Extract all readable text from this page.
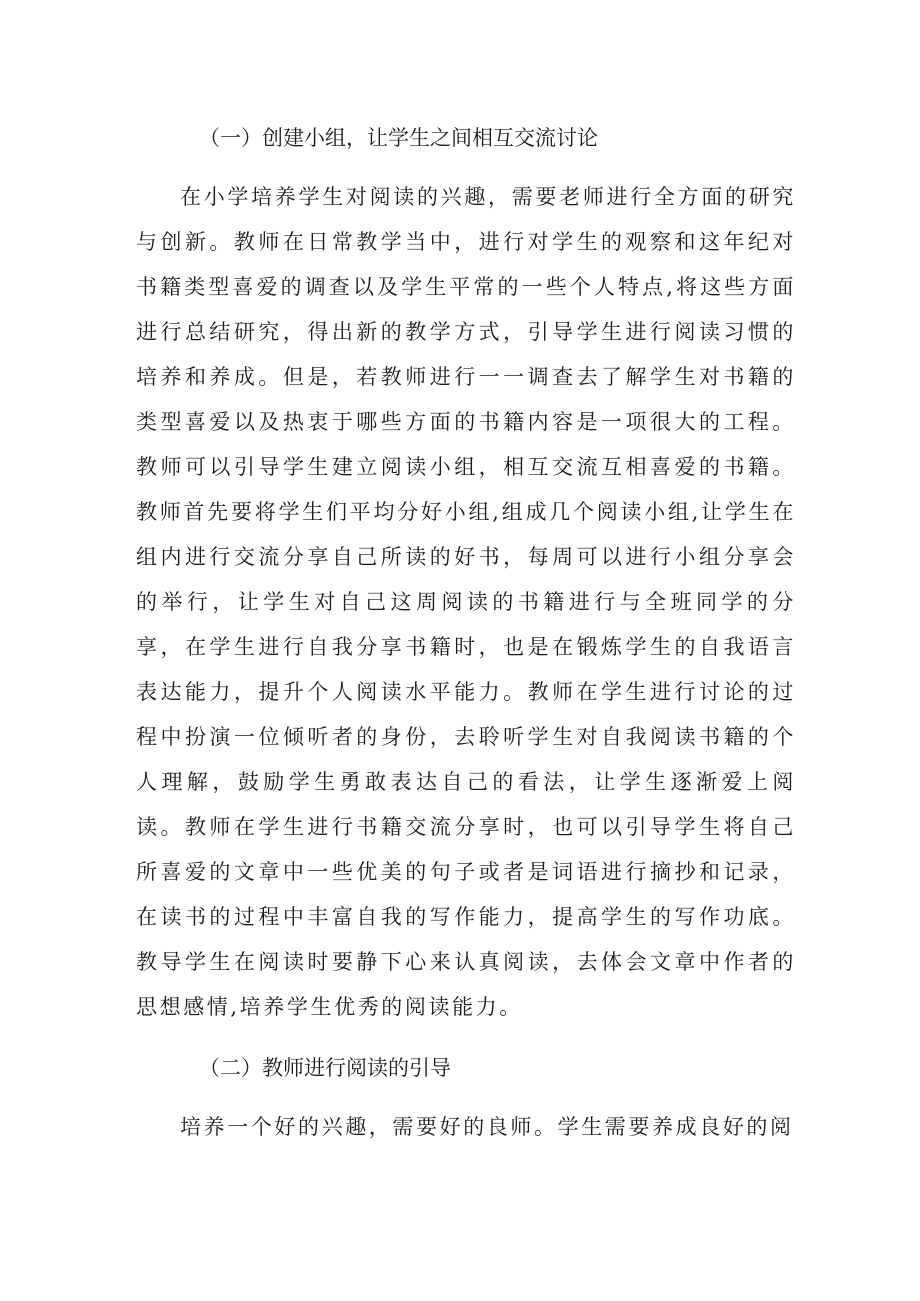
（一）创建小组，让学生之间相互交流讨论

在小学培养学生对阅读的兴趣，需要老师进行全方面的研究与创新。教师在日常教学当中，进行对学生的观察和这年纪对书籍类型喜爱的调查以及学生平常的一些个人特点,将这些方面进行总结研究，得出新的教学方式，引导学生进行阅读习惯的培养和养成。但是，若教师进行一一调查去了解学生对书籍的类型喜爱以及热衷于哪些方面的书籍内容是一项很大的工程。教师可以引导学生建立阅读小组，相互交流互相喜爱的书籍。教师首先要将学生们平均分好小组,组成几个阅读小组,让学生在组内进行交流分享自己所读的好书，每周可以进行小组分享会的举行，让学生对自己这周阅读的书籍进行与全班同学的分享，在学生进行自我分享书籍时，也是在锻炼学生的自我语言表达能力，提升个人阅读水平能力。教师在学生进行讨论的过程中扮演一位倾听者的身份，去聆听学生对自我阅读书籍的个人理解，鼓励学生勇敢表达自己的看法，让学生逐渐爱上阅读。教师在学生进行书籍交流分享时，也可以引导学生将自己所喜爱的文章中一些优美的句子或者是词语进行摘抄和记录，在读书的过程中丰富自我的写作能力，提高学生的写作功底。教导学生在阅读时要静下心来认真阅读，去体会文章中作者的思想感情,培养学生优秀的阅读能力。

（二）教师进行阅读的引导

培养一个好的兴趣，需要好的良师。学生需要养成良好的阅
